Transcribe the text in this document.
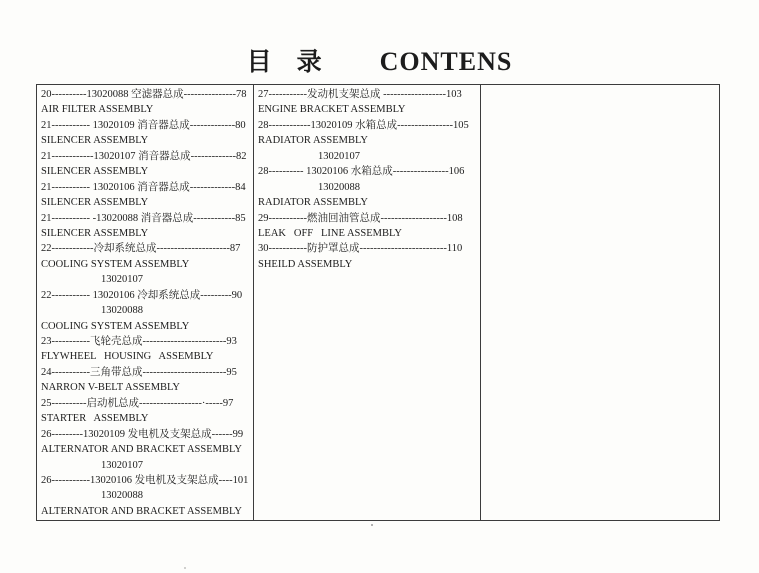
目　录 CONTENS
20----------13020088 空滤器总成---------------78
AIR FILTER ASSEMBLY
21----------- 13020109 消音器总成-------------80
SILENCER ASSEMBLY
21------------13020107 消音器总成-------------82
SILENCER ASSEMBLY
21----------- 13020106 消音器总成-------------84
SILENCER ASSEMBLY
21----------- -13020088 消音器总成------------85
SILENCER ASSEMBLY
22------------冷却系统总成---------------------87
COOLING SYSTEM ASSEMBLY
13020107
22----------- 13020106 冷却系统总成---------90
13020088
COOLING SYSTEM ASSEMBLY
23-----------飞轮壳总成------------------------93
FLYWHEEL   HOUSING   ASSEMBLY
24-----------三角带总成------------------------95
NARRON V-BELT ASSEMBLY
25----------启动机总成------------------·-----97
STARTER   ASSEMBLY
26---------13020109 发电机及支架总成------99
ALTERNATOR AND BRACKET ASSEMBLY
13020107
26-----------13020106 发电机及支架总成----101
13020088
ALTERNATOR AND BRACKET ASSEMBLY
27-----------发动机支架总成 ------------------103
ENGINE BRACKET ASSEMBLY
28------------13020109 水箱总成----------------105
RADIATOR ASSEMBLY
13020107
28---------- 13020106 水箱总成----------------106
13020088
RADIATOR ASSEMBLY
29-----------燃油回油管总成-------------------108
LEAK   OFF   LINE ASSEMBLY
30-----------防护罩总成-------------------------110
SHEILD ASSEMBLY
